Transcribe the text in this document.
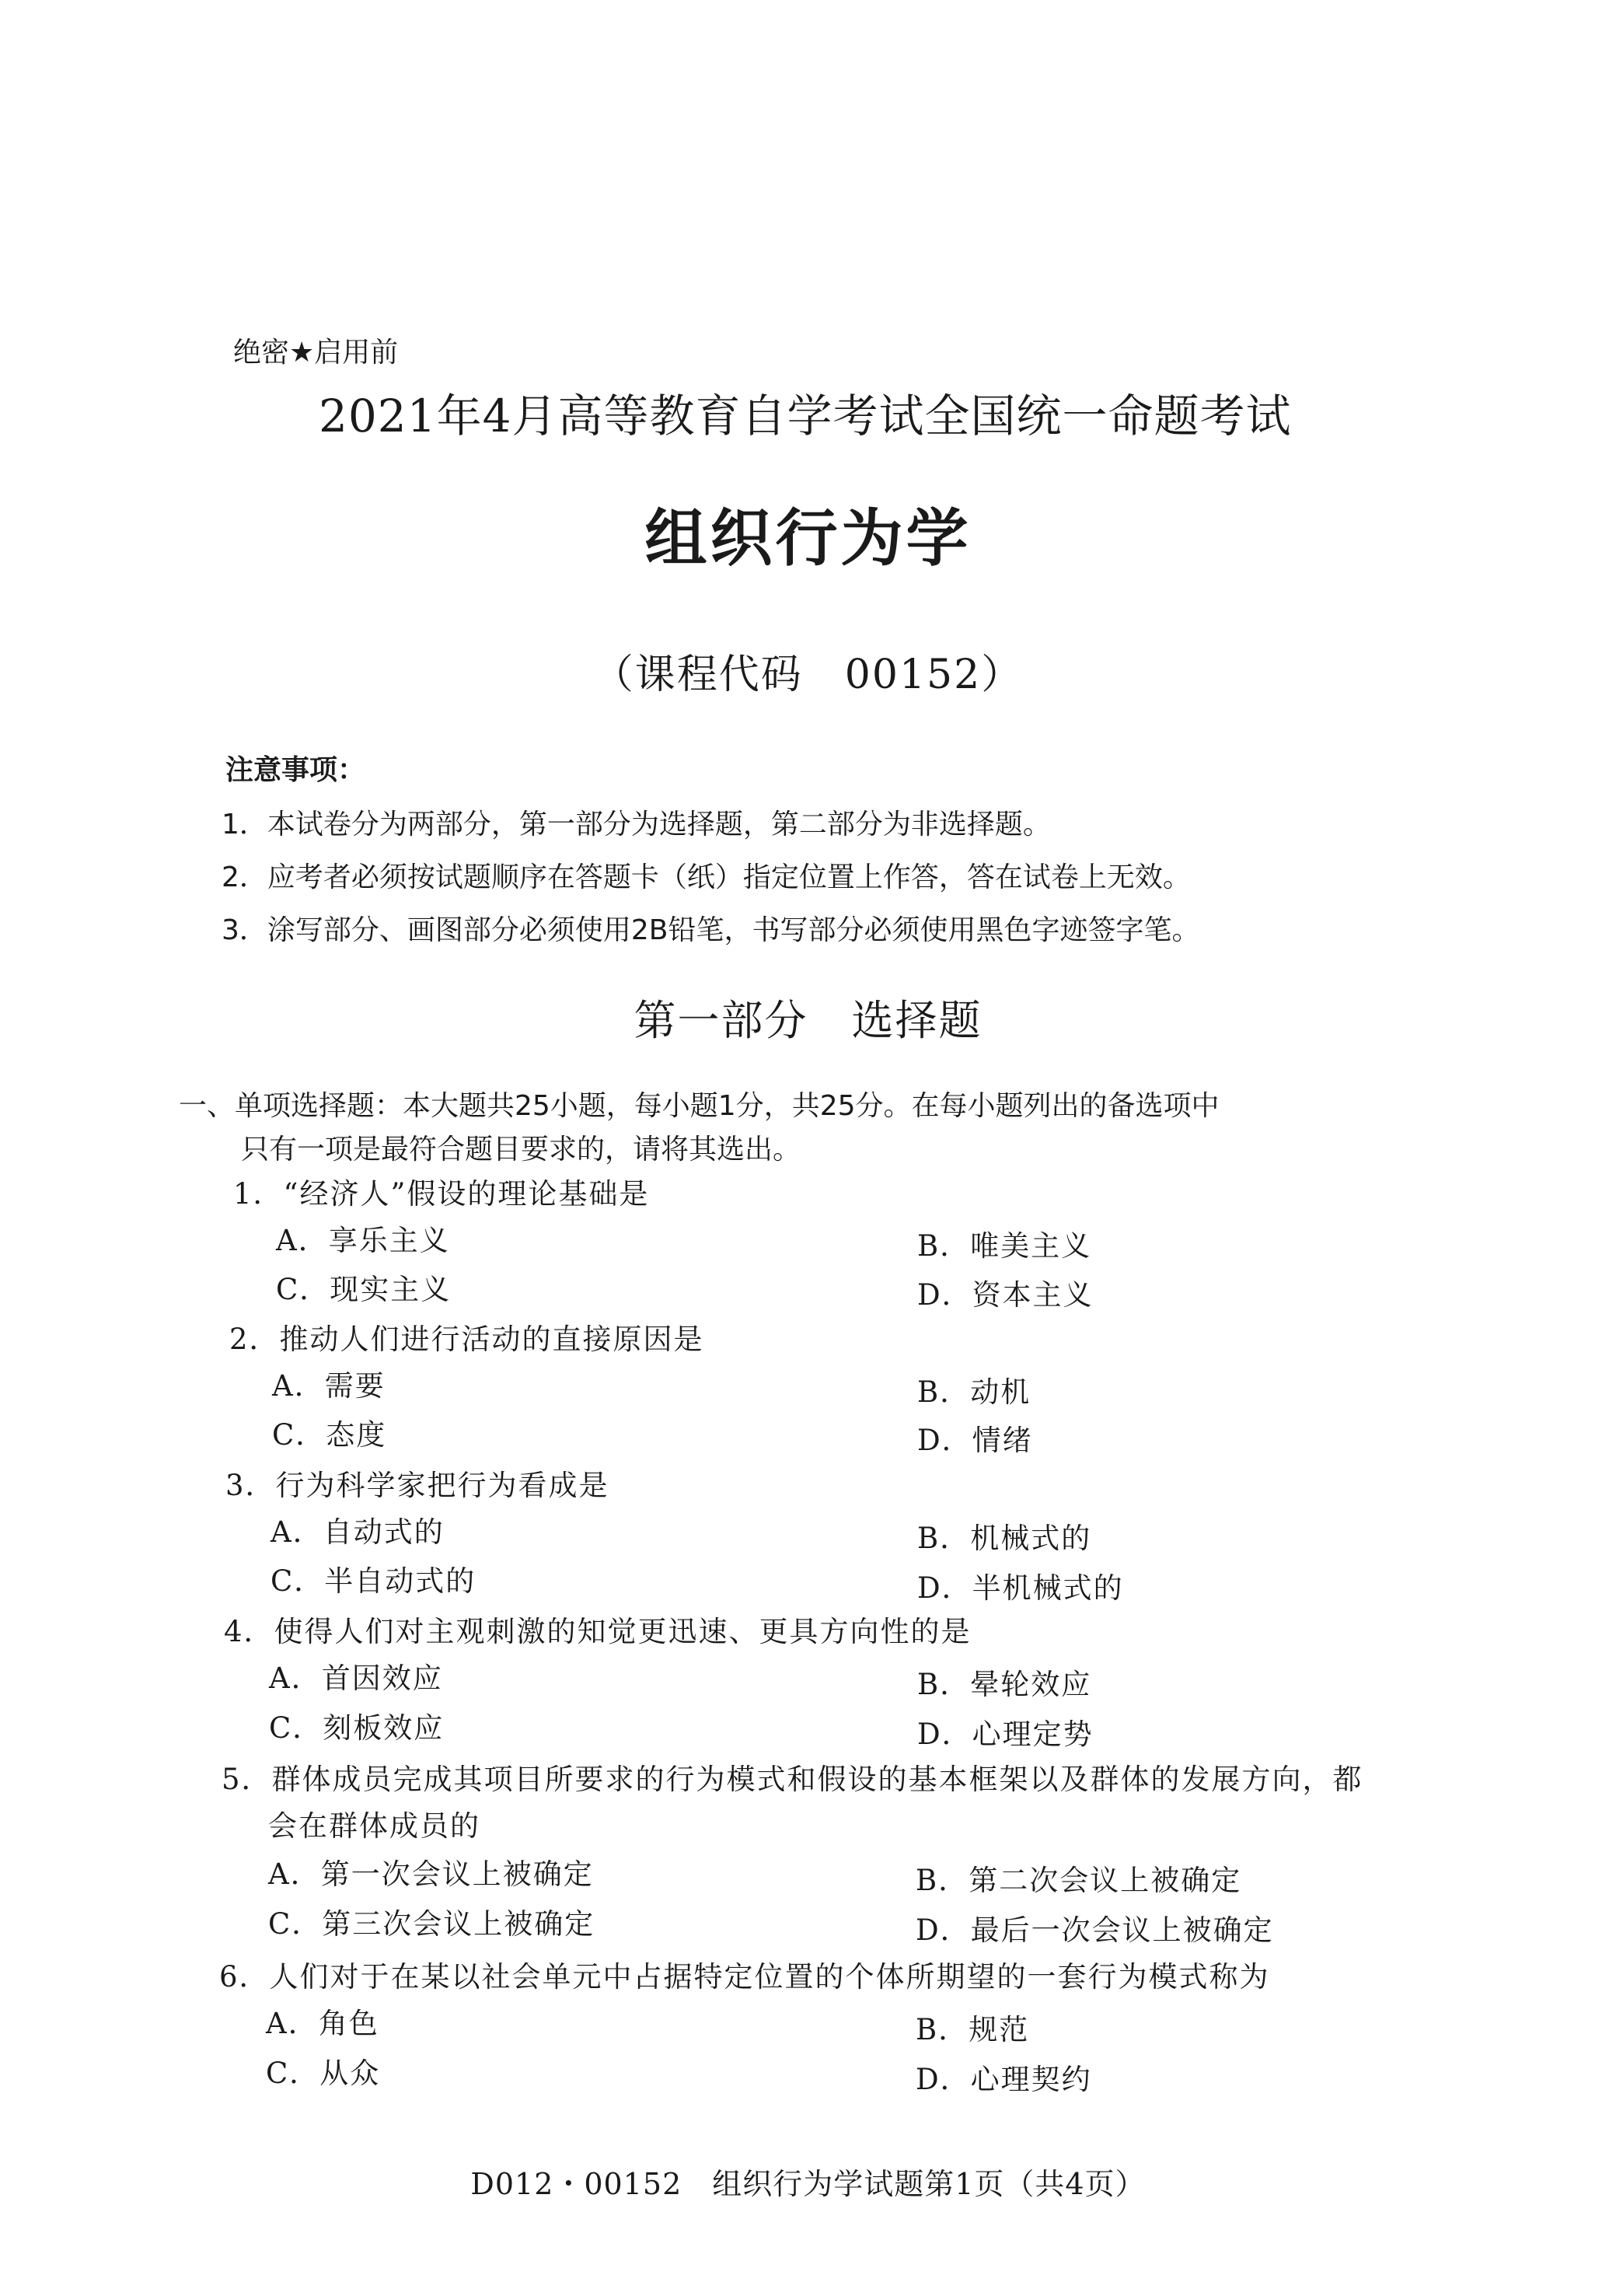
绝密★启用前
2021年4月高等教育自学考试全国统一命题考试
组织行为学
（课程代码　00152）
注意事项：
1．本试卷分为两部分，第一部分为选择题，第二部分为非选择题。
2．应考者必须按试题顺序在答题卡（纸）指定位置上作答，答在试卷上无效。
3．涂写部分、画图部分必须使用2B铅笔，书写部分必须使用黑色字迹签字笔。
第一部分　选择题
一、单项选择题：本大题共25小题，每小题1分，共25分。在每小题列出的备选项中
只有一项是最符合题目要求的，请将其选出。
1．“经济人”假设的理论基础是
A．享乐主义	B．唯美主义
C．现实主义	D．资本主义
2．推动人们进行活动的直接原因是
A．需要	B．动机
C．态度	D．情绪
3．行为科学家把行为看成是
A．自动式的	B．机械式的
C．半自动式的	D．半机械式的
4．使得人们对主观刺激的知觉更迅速、更具方向性的是
A．首因效应	B．晕轮效应
C．刻板效应	D．心理定势
5．群体成员完成其项目所要求的行为模式和假设的基本框架以及群体的发展方向，都
会在群体成员的
A．第一次会议上被确定	B．第二次会议上被确定
C．第三次会议上被确定	D．最后一次会议上被确定
6．人们对于在某以社会单元中占据特定位置的个体所期望的一套行为模式称为
A．角色	B．规范
C．从众	D．心理契约
D012・00152　组织行为学试题第1页（共4页）
